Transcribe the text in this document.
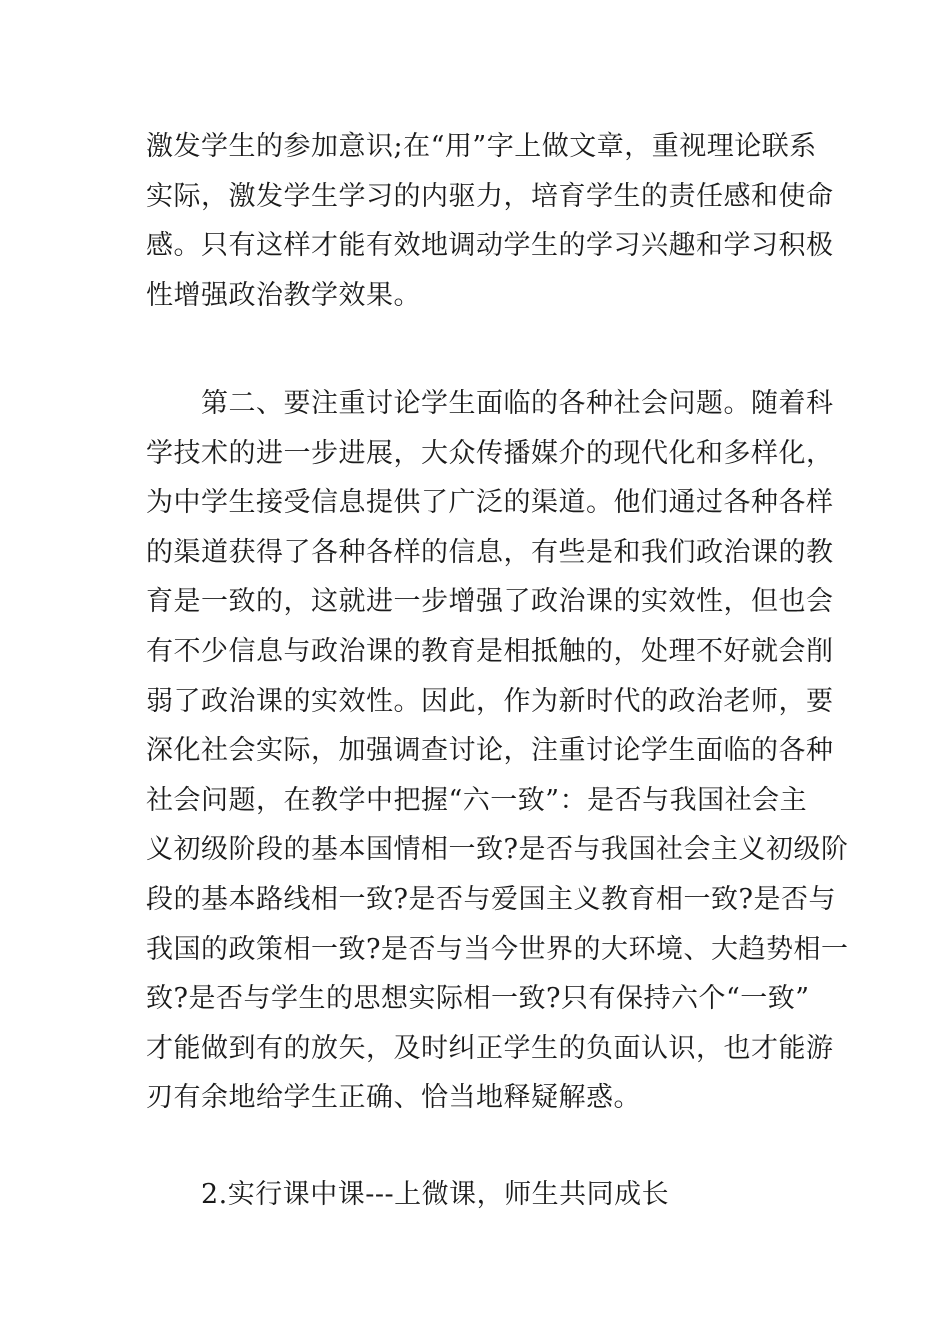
激发学生的参加意识;在“用”字上做文章，重视理论联系
实际，激发学生学习的内驱力，培育学生的责任感和使命
感。只有这样才能有效地调动学生的学习兴趣和学习积极
性增强政治教学效果。
　　第二、要注重讨论学生面临的各种社会问题。随着科
学技术的进一步进展，大众传播媒介的现代化和多样化，
为中学生接受信息提供了广泛的渠道。他们通过各种各样
的渠道获得了各种各样的信息，有些是和我们政治课的教
育是一致的，这就进一步增强了政治课的实效性，但也会
有不少信息与政治课的教育是相抵触的，处理不好就会削
弱了政治课的实效性。因此，作为新时代的政治老师，要
深化社会实际，加强调查讨论，注重讨论学生面临的各种
社会问题，在教学中把握“六一致”：是否与我国社会主
义初级阶段的基本国情相一致?是否与我国社会主义初级阶
段的基本路线相一致?是否与爱国主义教育相一致?是否与
我国的政策相一致?是否与当今世界的大环境、大趋势相一
致?是否与学生的思想实际相一致?只有保持六个“一致”
才能做到有的放矢，及时纠正学生的负面认识，也才能游
刃有余地给学生正确、恰当地释疑解惑。
　　2.实行课中课---上微课，师生共同成长
